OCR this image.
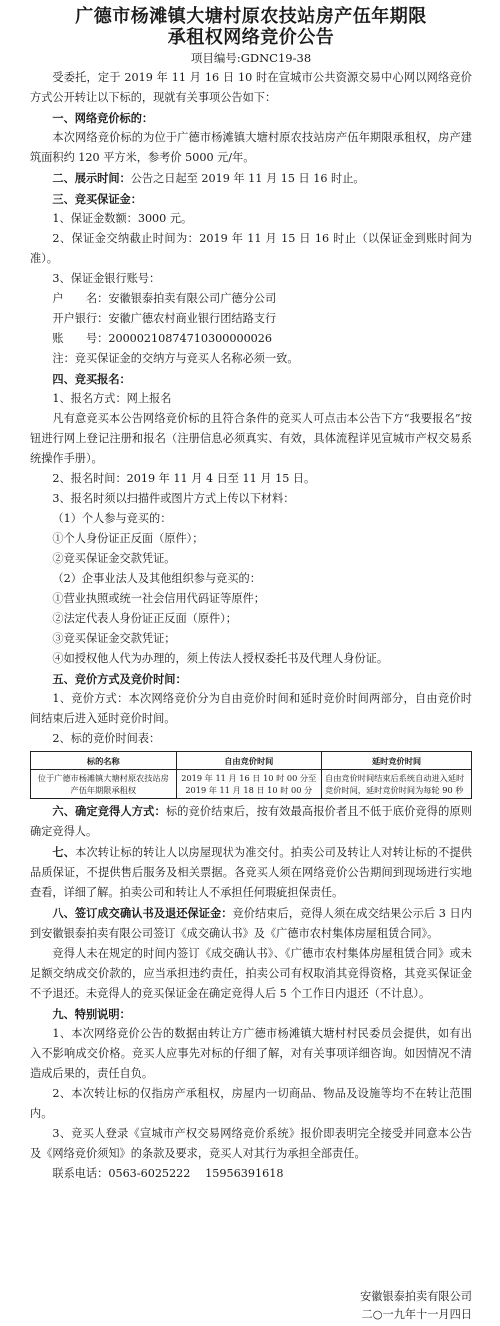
广德市杨滩镇大塘村原农技站房产伍年期限
承租权网络竞价公告
项目编号:GDNC19-38

受委托，定于 2019 年 11 月 16 日 10 时在宣城市公共资源交易中心网以网络竞价方式公开转让以下标的，现就有关事项公告如下：

一、网络竞价标的：

本次网络竞价标的为位于广德市杨滩镇大塘村原农技站房产伍年期限承租权，房产建筑面积约 120 平方米，参考价 5000 元/年。

二、展示时间：公告之日起至 2019 年 11 月 15 日 16 时止。

三、竞买保证金：

1、保证金数额：3000 元。

2、保证金交纳截止时间为：2019 年 11 月 15 日 16 时止（以保证金到账时间为准）。

3、保证金银行账号：

户　　名：安徽银泰拍卖有限公司广德分公司

开户银行：安徽广德农村商业银行团结路支行

账　　号：20000210874710300000026

注：竞买保证金的交纳方与竞买人名称必须一致。

四、竞买报名：

1、报名方式：网上报名

凡有意竞买本公告网络竞价标的且符合条件的竞买人可点击本公告下方“我要报名”按钮进行网上登记注册和报名（注册信息必须真实、有效，具体流程详见宣城市产权交易系统操作手册）。

2、报名时间：2019 年 11 月 4 日至 11 月 15 日。

3、报名时须以扫描件或图片方式上传以下材料：

（1）个人参与竞买的：

①个人身份证正反面（原件）；

②竞买保证金交款凭证。

（2）企事业法人及其他组织参与竞买的：

①营业执照或统一社会信用代码证等原件；

②法定代表人身份证正反面（原件）；

③竞买保证金交款凭证；

④如授权他人代为办理的，须上传法人授权委托书及代理人身份证。

五、竞价方式及竞价时间：

1、竞价方式：本次网络竞价分为自由竞价时间和延时竞价时间两部分，自由竞价时间结束后进入延时竞价时间。

2、标的竞价时间表：

标的名称	自由竞价时间	延时竞价时间
位于广德市杨滩镇大塘村原农技站房产伍年期限承租权	2019 年 11 月 16 日 10 时 00 分至 2019 年 11 月 18 日 10 时 00 分	自由竞价时间结束后系统自动进入延时竞价时间，延时竞价时间为每轮 90 秒

六、确定竞得人方式：标的竞价结束后，按有效最高报价者且不低于底价竞得的原则确定竞得人。

七、本次转让标的转让人以房屋现状为准交付。拍卖公司及转让人对转让标的不提供品质保证，不提供售后服务及相关票据。各竞买人须在网络竞价公告期间到现场进行实地查看，详细了解。拍卖公司和转让人不承担任何瑕疵担保责任。

八、签订成交确认书及退还保证金：竞价结束后，竞得人须在成交结果公示后 3 日内到安徽银泰拍卖有限公司签订《成交确认书》及《广德市农村集体房屋租赁合同》。

竞得人未在规定的时间内签订《成交确认书》、《广德市农村集体房屋租赁合同》或未足额交纳成交价款的，应当承担违约责任，拍卖公司有权取消其竞得资格，其竞买保证金不予退还。未竞得人的竞买保证金在确定竞得人后 5 个工作日内退还（不计息）。

九、特别说明：

1、本次网络竞价公告的数据由转让方广德市杨滩镇大塘村村民委员会提供，如有出入不影响成交价格。竞买人应事先对标的仔细了解，对有关事项详细咨询。如因情况不清造成后果的，责任自负。

2、本次转让标的仅指房产承租权，房屋内一切商品、物品及设施等均不在转让范围内。

3、竞买人登录《宣城市产权交易网络竞价系统》报价即表明完全接受并同意本公告及《网络竞价须知》的条款及要求，竞买人对其行为承担全部责任。

联系电话：0563-6025222　 15956391618

安徽银泰拍卖有限公司
二○一九年十一月四日
